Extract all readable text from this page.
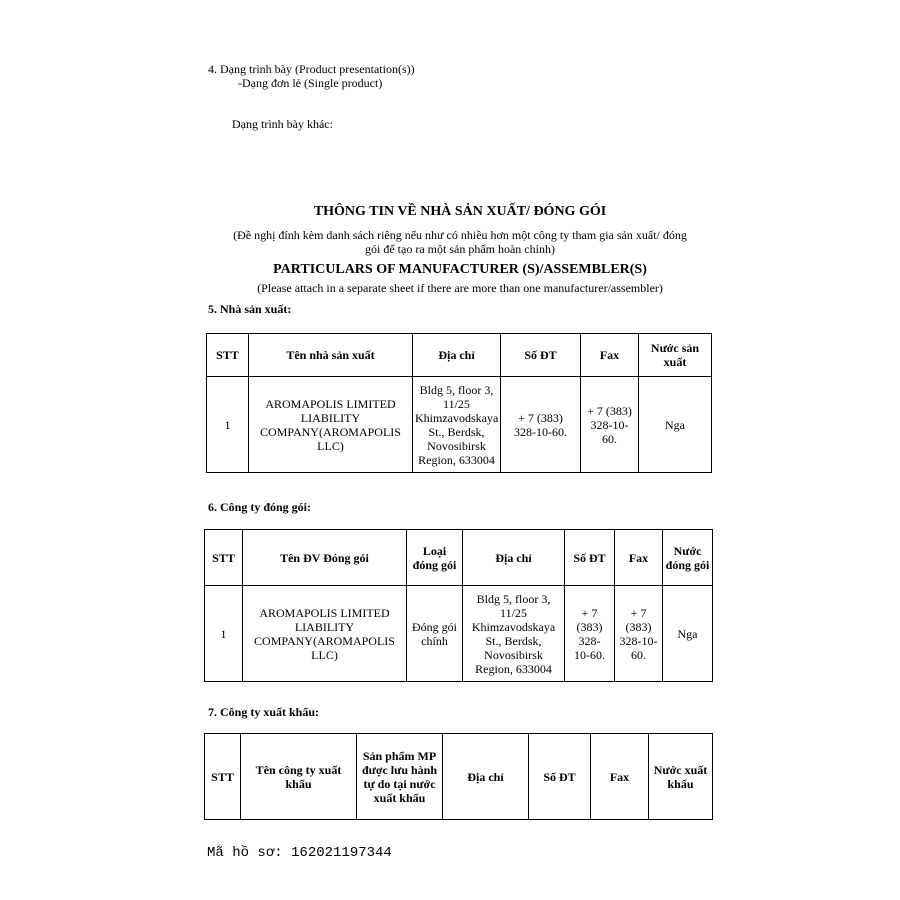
4. Dạng trình bày (Product presentation(s))
-Dạng đơn lẻ (Single product)
Dạng trình bày khác:
THÔNG TIN VỀ NHÀ SẢN XUẤT/ ĐÓNG GÓI
(Đề nghị đính kèm danh sách riêng nếu như có nhiều hơn một công ty tham gia sản xuất/ đóng
gói để tạo ra một sản phẩm hoàn chỉnh)
PARTICULARS OF MANUFACTURER (S)/ASSEMBLER(S)
(Please attach in a separate sheet if there are more than one manufacturer/assembler)
5. Nhà sản xuất:
STT	Tên nhà sản xuất	Địa chỉ	Số ĐT	Fax	Nước sản xuất
1	AROMAPOLIS LIMITED LIABILITY COMPANY(AROMAPOLIS LLC)	Bldg 5, floor 3, 11/25 Khimzavodskaya St., Berdsk, Novosibirsk Region, 633004	+ 7 (383) 328-10-60.	+ 7 (383) 328-10-60.	Nga
6. Công ty đóng gói:
STT	Tên ĐV Đóng gói	Loại đóng gói	Địa chỉ	Số ĐT	Fax	Nước đóng gói
1	AROMAPOLIS LIMITED LIABILITY COMPANY(AROMAPOLIS LLC)	Đóng gói chính	Bldg 5, floor 3, 11/25 Khimzavodskaya St., Berdsk, Novosibirsk Region, 633004	+ 7 (383) 328-10-60.	+ 7 (383) 328-10-60.	Nga
7. Công ty xuất khẩu:
STT	Tên công ty xuất khẩu	Sản phẩm MP được lưu hành tự do tại nước xuất khẩu	Địa chỉ	Số ĐT	Fax	Nước xuất khẩu
Mã hồ sơ: 162021197344
